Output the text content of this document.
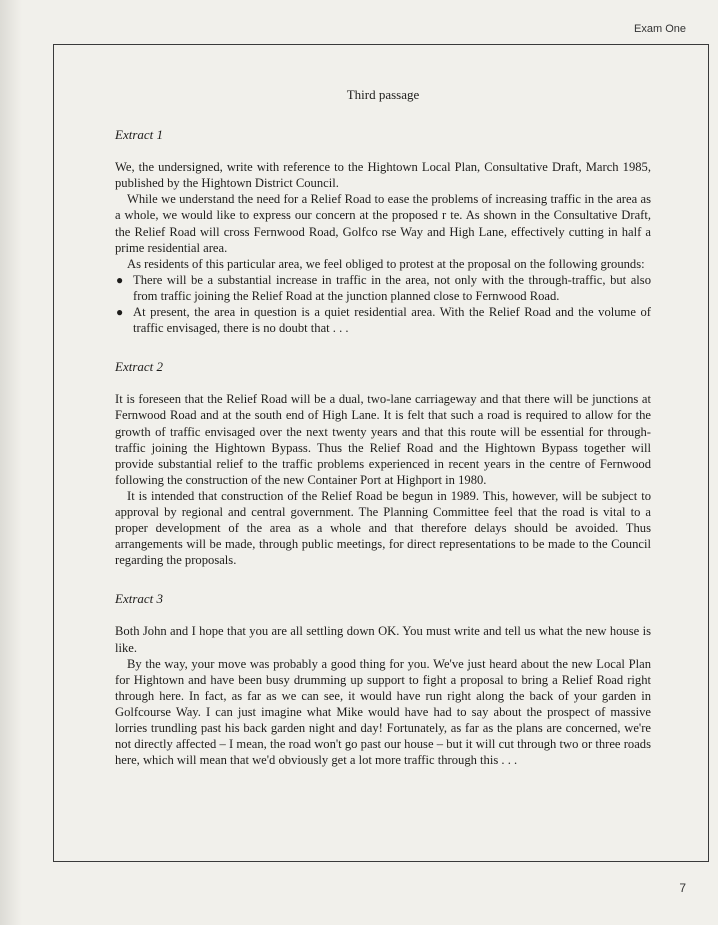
Exam One
Third passage
Extract 1

We, the undersigned, write with reference to the Hightown Local Plan, Consultative Draft, March 1985, published by the Hightown District Council.

While we understand the need for a Relief Road to ease the problems of increasing traffic in the area as a whole, we would like to express our concern at the proposed r te. As shown in the Consultative Draft, the Relief Road will cross Fernwood Road, Golfco rse Way and High Lane, effectively cutting in half a prime residential area.

As residents of this particular area, we feel obliged to protest at the proposal on the following grounds:

● There will be a substantial increase in traffic in the area, not only with the through-traffic, but also from traffic joining the Relief Road at the junction planned close to Fernwood Road.
● At present, the area in question is a quiet residential area. With the Relief Road and the volume of traffic envisaged, there is no doubt that . . .
Extract 2

It is foreseen that the Relief Road will be a dual, two-lane carriageway and that there will be junctions at Fernwood Road and at the south end of High Lane. It is felt that such a road is required to allow for the growth of traffic envisaged over the next twenty years and that this route will be essential for through-traffic joining the Hightown Bypass. Thus the Relief Road and the Hightown Bypass together will provide substantial relief to the traffic problems experienced in recent years in the centre of Fernwood following the construction of the new Container Port at Highport in 1980.

It is intended that construction of the Relief Road be begun in 1989. This, however, will be subject to approval by regional and central government. The Planning Committee feel that the road is vital to a proper development of the area as a whole and that therefore delays should be avoided. Thus arrangements will be made, through public meetings, for direct representations to be made to the Council regarding the proposals.

Extract 3

Both John and I hope that you are all settling down OK. You must write and tell us what the new house is like.

By the way, your move was probably a good thing for you. We've just heard about the new Local Plan for Hightown and have been busy drumming up support to fight a proposal to bring a Relief Road right through here. In fact, as far as we can see, it would have run right along the back of your garden in Golfcourse Way. I can just imagine what Mike would have had to say about the prospect of massive lorries trundling past his back garden night and day! Fortunately, as far as the plans are concerned, we're not directly affected – I mean, the road won't go past our house – but it will cut through two or three roads here, which will mean that we'd obviously get a lot more traffic through this . . .

7
